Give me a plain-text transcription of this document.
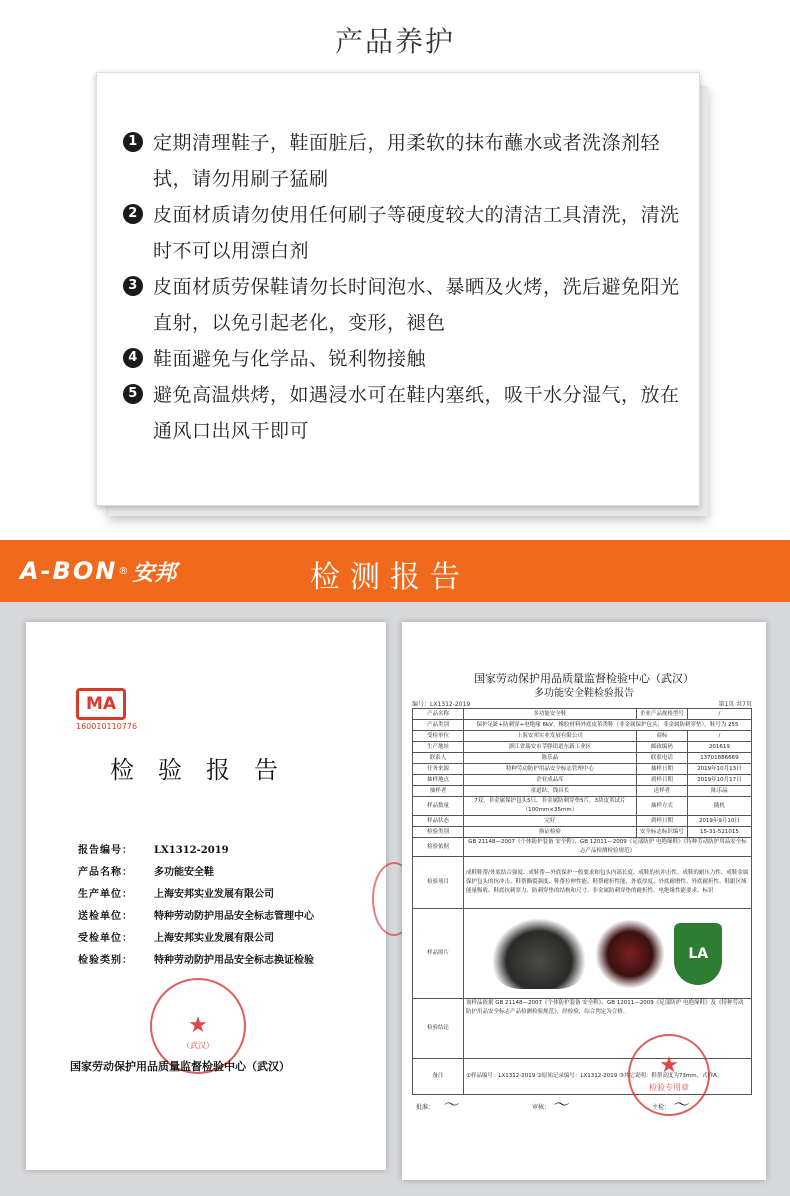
产品养护
1 定期清理鞋子，鞋面脏后，用柔软的抹布蘸水或者洗涤剂轻拭，请勿用刷子猛刷
2 皮面材质请勿使用任何刷子等硬度较大的清洁工具清洗，清洗时不可以用漂白剂
3 皮面材质劳保鞋请勿长时间泡水、暴晒及火烤，洗后避免阳光直射，以免引起老化，变形，褪色
4 鞋面避免与化学品、锐利物接触
5 避免高温烘烤，如遇浸水可在鞋内塞纸，吸干水分湿气，放在通风口出风干即可
A-BON ® 安邦	检测报告
MA
160010110776
检验报告
报告编号： LX1312-2019
产品名称： 多功能安全鞋
生产单位： 上海安邦实业发展有限公司
送检单位： 特种劳动防护用品安全标志管理中心
受检单位： 上海安邦实业发展有限公司
检验类别： 特种劳动防护用品安全标志换证检验
★
（武汉）
国家劳动保护用品质量监督检验中心（武汉）
国家劳动保护用品质量监督检验中心（武汉）
多功能安全鞋检验报告
编号：LX1312-2019	第1页 共7页
产品名称	多功能安全鞋	企业产品规格型号	/
产品类别	保护足趾+防刺穿+电绝缘 6kV，橡胶材料外底皮革类鞋（非金属保护包头；非金属防刺穿垫），鞋号为 255		
受检单位	上海安邦实业发展有限公司	商标	/
生产地址	浙江省瑞安市莘塍街道东新工业区	邮政编码	201619
联系人	陈乐晶	联系电话	13701886669
任务来源	特种劳动防护用品安全标志管理中心	抽样日期	2019年10月13日
抽样地点	企业成品库	到样日期	2019年10月17日
抽样者	童道跃、钱昌长	送样者	陈乐晶
样品数量	7双，非金属保护包头5只，非金属防刺穿垫5片，3块皮革试片（100mm×35mm）	抽样方式	随机
样品状态	完好	到样日期	2019年9月10日
检验类别	换证检验	安全标志标识编号	15-31-521015
检验依据	GB 21148—2007《个体防护装备 安全鞋》、GB 12011—2009《足部防护 电绝缘鞋》《特种劳动防护用品安全标志产品检测检验规范》		
检验项目	成鞋鞋帮/外底结合强度、成鞋帮—外底保护一般要求和包头内部长度、成鞋的抗冲击性、成鞋的耐压力性、成鞋金属保护包头的抗冲击、鞋帮撕裂强度、鞋帮拉伸性能、鞋帮耐折性能、外底厚度、外底耐磨性、外底耐折性、鞋跟区域能量吸收、鞋底抗刺穿力、防刺穿垫的结构和尺寸、非金属防刺穿垫的耐折性、电绝缘性能要求、标识		
样品照片	LA		
检验结论	该样品依据 GB 21148—2007《个体防护装备 安全鞋》、GB 12011—2009《足部防护 电绝缘鞋》及《特种劳动防护用品安全标志产品检测检验规范》，经检验，综合判定为合格。		
备注	①样品编号：LX1312-2019 ②原始记录编号：LX1312-2019 ③其它说明：鞋帮高度为73mm，式样A。		
★
检验专用章
批准： 〜	审核： 〜	主检： 〜
